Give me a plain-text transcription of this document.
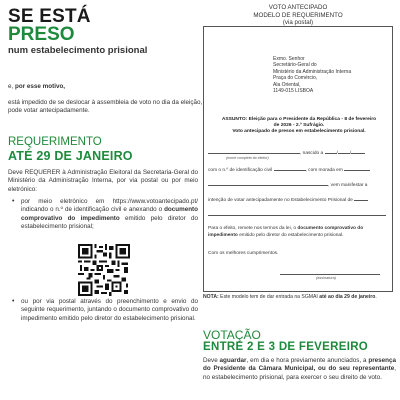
SE ESTÁ
PRESO
num estabelecimento prisional
e, por esse motivo,
está impedido de se deslocar à assembleia de voto no dia da eleição, pode votar antecipadamente.
REQUERIMENTO
ATÉ 29 DE JANEIRO
Deve REQUERER à Administração Eleitoral da Secretaria-Geral do Ministério da Administração Interna, por via postal ou por meio eletrónico:
• por meio eletrónico em https://www.votoantecipado.pt/ indicando o n.º de identificação civil e anexando o documento comprovativo do impedimento emitido pelo diretor do estabelecimento prisional;
• ou por via postal através do preenchimento e envio do seguinte requerimento, juntando o documento comprovativo do impedimento emitido pelo diretor do estabelecimento prisional.
VOTO ANTECIPADO
MODELO DE REQUERIMENTO
(via postal)
Exmo. Senhor
Secretário-Geral do
Ministério da Administração Interna
Praça do Comércio,
Ala Oriental,
1149-015 LISBOA
ASSUNTO: Eleição para o Presidente da República - 8 de fevereiro
de 2026 - 2.º Sufrágio.
Voto antecipado de presos em estabelecimento prisional.
, nascido a	/	/
(nome completo do eleitor)
com o n.º de identificação civil	, com morada em
, vem manifestar a
intenção de votar antecipadamente no Estabelecimento Prisional de
Para o efeito, remete nos termos da lei, o documento comprovativo do impedimento emitido pelo diretor do estabelecimento prisional.
Com os melhores cumprimentos.
(assinatura)
NOTA: Este modelo tem de dar entrada na SGMAI até ao dia 29 de janeiro.
VOTAÇÃO
ENTRE 2 E 3 DE FEVEREIRO
Deve aguardar, em dia e hora previamente anunciados, a presença do Presidente da Câmara Municipal, ou do seu representante, no estabelecimento prisional, para exercer o seu direito de voto.
